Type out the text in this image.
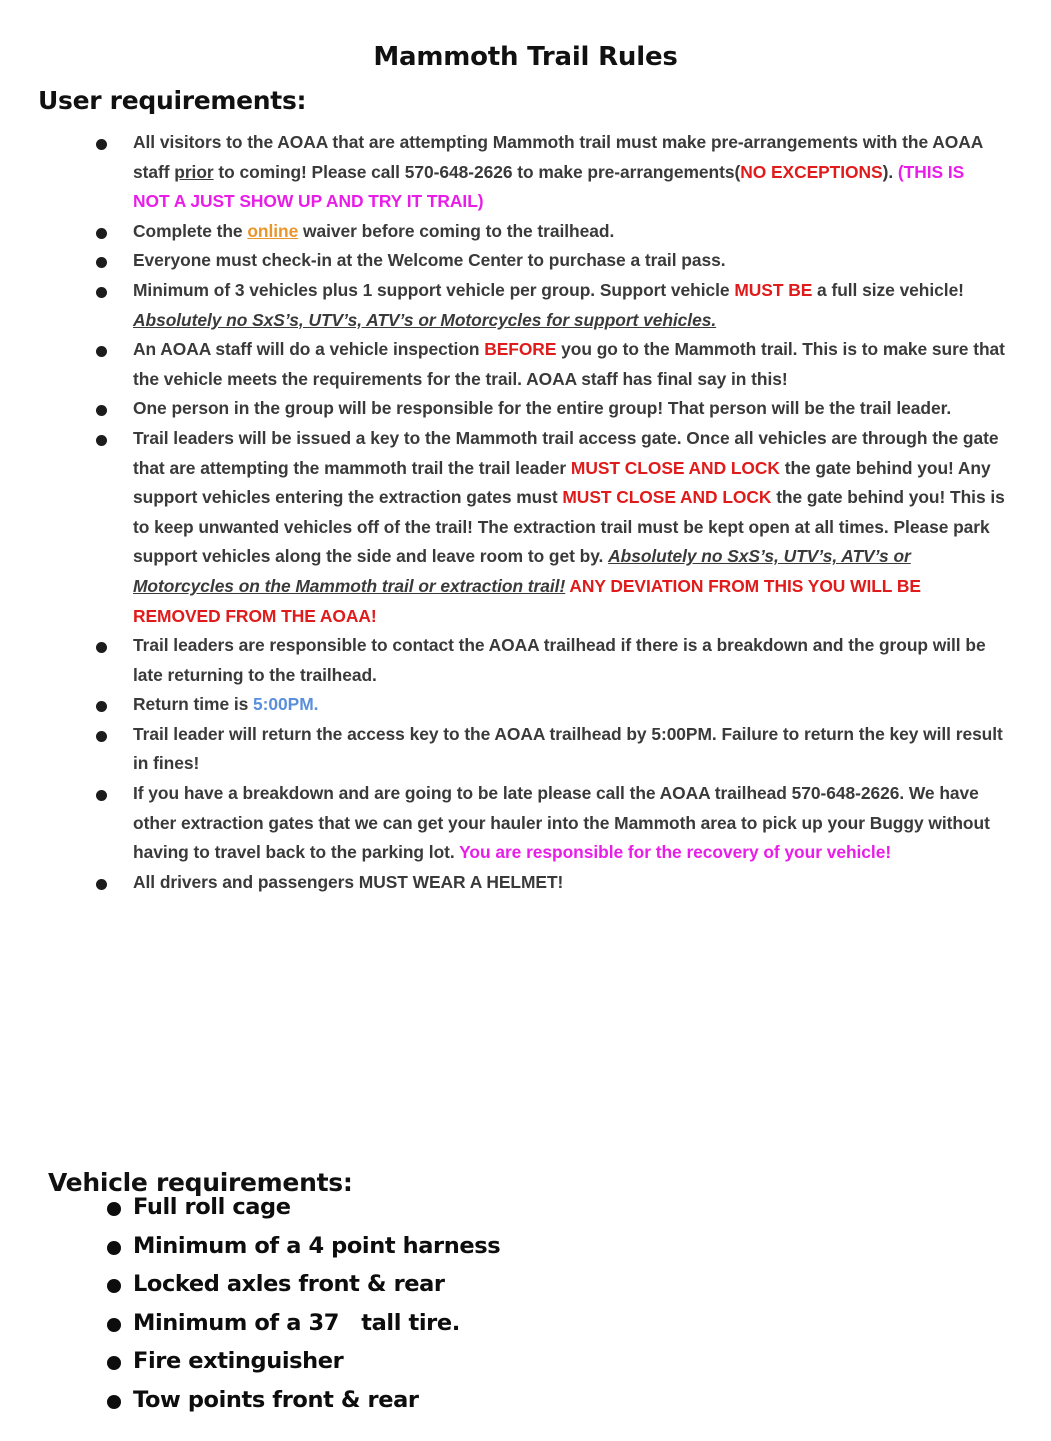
Mammoth Trail Rules
User requirements:
All visitors to the AOAA that are attempting Mammoth trail must make pre-arrangements with the AOAA staff prior to coming! Please call 570-648-2626 to make pre-arrangements(NO EXCEPTIONS). (THIS IS NOT A JUST SHOW UP AND TRY IT TRAIL)
Complete the online waiver before coming to the trailhead.
Everyone must check-in at the Welcome Center to purchase a trail pass.
Minimum of 3 vehicles plus 1 support vehicle per group. Support vehicle MUST BE a full size vehicle! Absolutely no SxS’s, UTV’s, ATV’s or Motorcycles for support vehicles.
An AOAA staff will do a vehicle inspection BEFORE you go to the Mammoth trail. This is to make sure that the vehicle meets the requirements for the trail. AOAA staff has final say in this!
One person in the group will be responsible for the entire group! That person will be the trail leader.
Trail leaders will be issued a key to the Mammoth trail access gate. Once all vehicles are through the gate that are attempting the mammoth trail the trail leader MUST CLOSE AND LOCK the gate behind you! Any support vehicles entering the extraction gates must MUST CLOSE AND LOCK the gate behind you! This is to keep unwanted vehicles off of the trail! The extraction trail must be kept open at all times. Please park support vehicles along the side and leave room to get by. Absolutely no SxS’s, UTV’s, ATV’s or Motorcycles on the Mammoth trail or extraction trail! ANY DEVIATION FROM THIS YOU WILL BE REMOVED FROM THE AOAA!
Trail leaders are responsible to contact the AOAA trailhead if there is a breakdown and the group will be late returning to the trailhead.
Return time is 5:00PM.
Trail leader will return the access key to the AOAA trailhead by 5:00PM. Failure to return the key will result in fines!
If you have a breakdown and are going to be late please call the AOAA trailhead 570-648-2626. We have other extraction gates that we can get your hauler into the Mammoth area to pick up your Buggy without having to travel back to the parking lot. You are responsible for the recovery of your vehicle!
All drivers and passengers MUST WEAR A HELMET!
Vehicle requirements:
Full roll cage
Minimum of a 4 point harness
Locked axles front & rear
Minimum of a 37   tall tire.
Fire extinguisher
Tow points front & rear
